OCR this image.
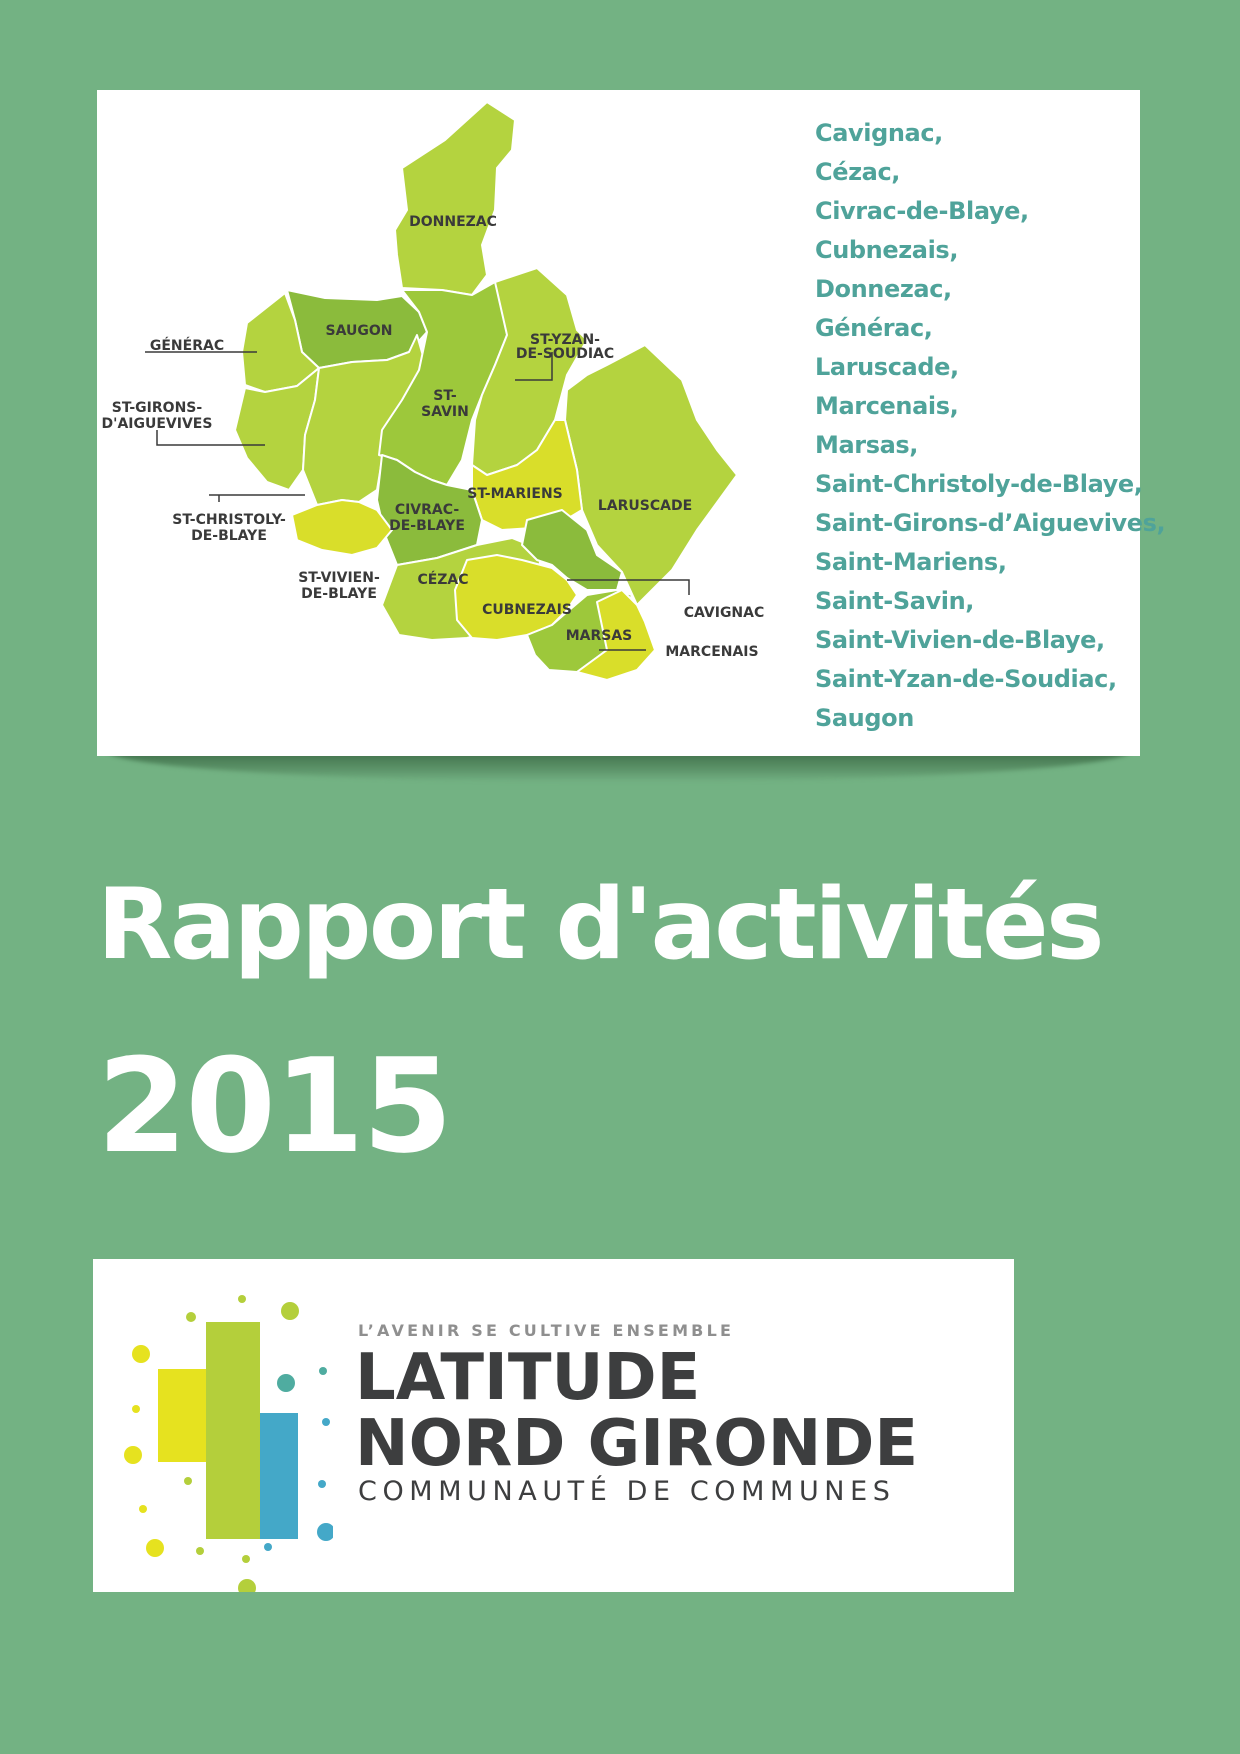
DONNEZAC
SAUGON
GÉNÉRAC	ST-YZAN-
DE-SOUDIAC
ST-
SAVIN
ST-GIRONS-
D'AIGUEVIVES
ST-MARIENS
LARUSCADE
CIVRAC-
DE-BLAYE
ST-CHRISTOLY-
DE-BLAYE
ST-VIVIEN-
DE-BLAYE
CÉZAC
CUBNEZAIS
MARSAS
CAVIGNAC
MARCENAIS
Cavignac,
Cézac,
Civrac-de-Blaye,
Cubnezais,
Donnezac,
Générac,
Laruscade,
Marcenais,
Marsas,
Saint-Christoly-de-Blaye,
Saint-Girons-d’Aiguevives,
Saint-Mariens,
Saint-Savin,
Saint-Vivien-de-Blaye,
Saint-Yzan-de-Soudiac,
Saugon
Rapport d'activités
2015
L’AVENIR SE CULTIVE ENSEMBLE
LATITUDE
NORD GIRONDE
COMMUNAUTÉ DE COMMUNES
